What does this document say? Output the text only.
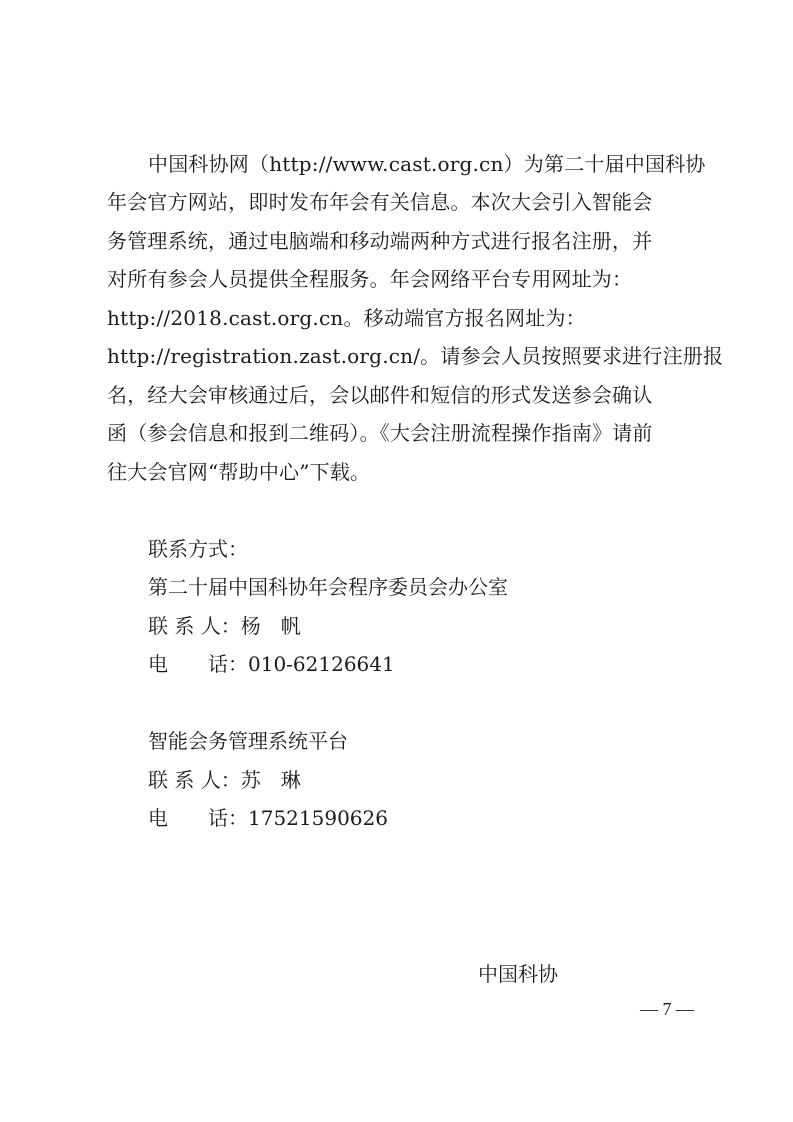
中国科协网（http://www.cast.org.cn）为第二十届中国科协
年会官方网站，即时发布年会有关信息。本次大会引入智能会
务管理系统，通过电脑端和移动端两种方式进行报名注册，并
对所有参会人员提供全程服务。年会网络平台专用网址为：
http://2018.cast.org.cn。移动端官方报名网址为：
http://registration.zast.org.cn/。请参会人员按照要求进行注册报
名，经大会审核通过后，会以邮件和短信的形式发送参会确认
函（参会信息和报到二维码）。《大会注册流程操作指南》请前
往大会官网“帮助中心”下载。
联系方式：
第二十届中国科协年会程序委员会办公室
联 系 人：杨　帆
电　　话：010-62126641
智能会务管理系统平台
联 系 人：苏　琳
电　　话：17521590626
中国科协
— 7 —
